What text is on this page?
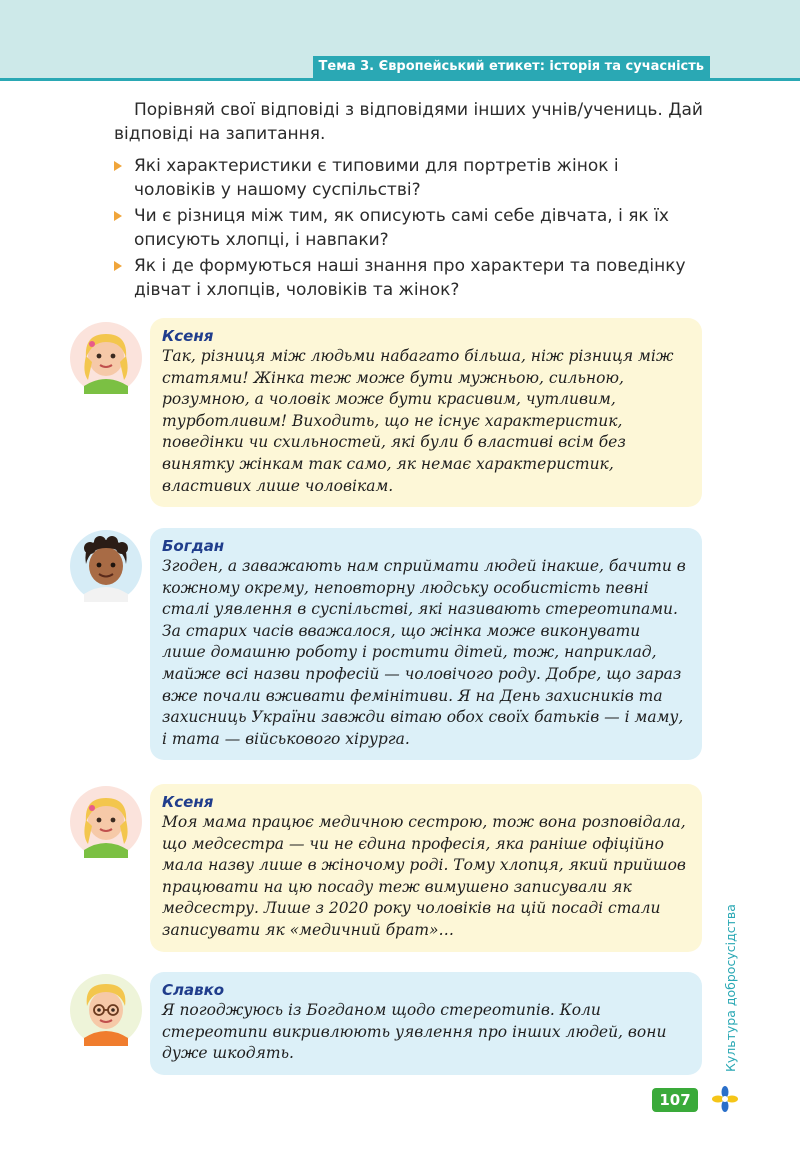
Тема 3. Європейський етикет: історія та сучасність

Порівняй свої відповіді з відповідями інших учнів/учениць. Дай відповіді на запитання.

Які характеристики є типовими для портретів жінок і чоловіків у нашому суспільстві?
Чи є різниця між тим, як описують самі себе дівчата, і як їх описують хлопці, і навпаки?
Як і де формуються наші знання про характери та поведінку дівчат і хлопців, чоловіків та жінок?
Ксеня
Так, різниця між людьми набагато більша, ніж різниця між статями! Жінка теж може бути мужньою, сильною, розумною, а чоловік може бути красивим, чутливим, турботливим! Виходить, що не існує характеристик, поведінки чи схильностей, які були б властиві всім без винятку жінкам так само, як немає характеристик, властивих лише чоловікам.
Богдан
Згоден, а заважають нам сприймати людей інакше, бачити в кожному окрему, неповторну людську особистість певні сталі уявлення в суспільстві, які називають стереотипами. За старих часів вважалося, що жінка може виконувати лише домашню роботу і ростити дітей, тож, наприклад, майже всі назви професій — чоловічого роду. Добре, що зараз вже почали вживати фемінітиви. Я на День захисників та захисниць України завжди вітаю обох своїх батьків — і маму, і тата — військового хірурга.
Ксеня
Моя мама працює медичною сестрою, тож вона розповідала, що медсестра — чи не єдина професія, яка раніше офіційно мала назву лише в жіночому роді. Тому хлопця, який прийшов працювати на цю посаду теж вимушено записували як медсестру. Лише з 2020 року чоловіків на цій посаді стали записувати як «медичний брат»…
Славко
Я погоджуюсь із Богданом щодо стереотипів. Коли стереотипи викривлюють уявлення про інших людей, вони дуже шкодять.	Культура добросусідства
107
